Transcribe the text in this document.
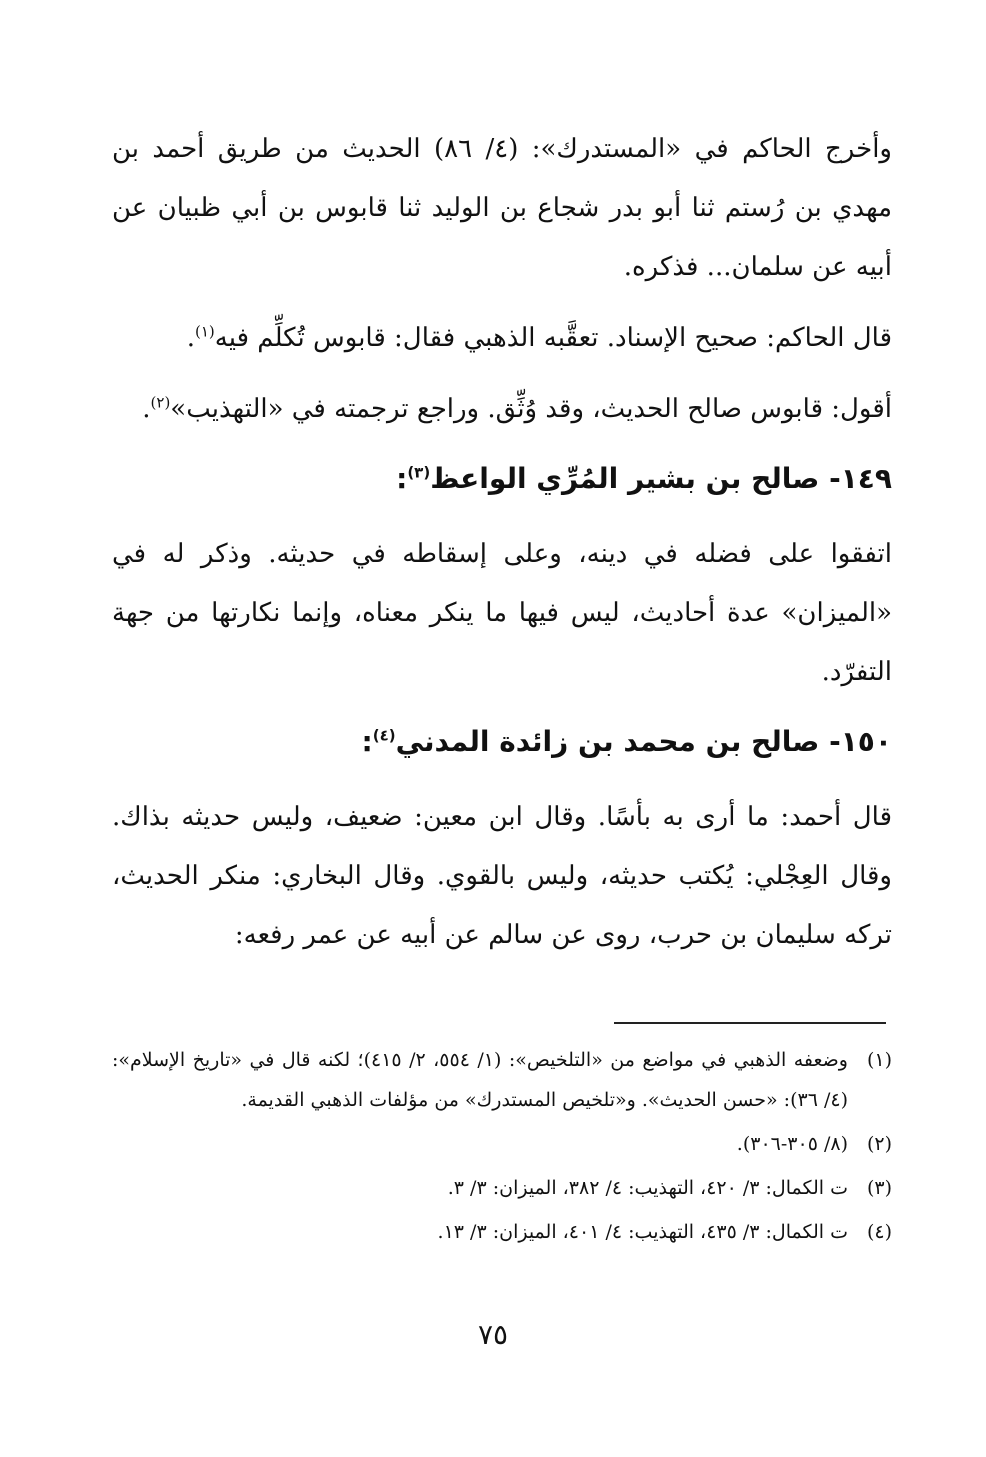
وأخرج الحاكم في «المستدرك»: (٤/ ٨٦) الحديث من طريق أحمد بن مهدي بن رُستم ثنا أبو بدر شجاع بن الوليد ثنا قابوس بن أبي ظبيان عن أبيه عن سلمان... فذكره.

قال الحاكم: صحيح الإسناد. تعقَّبه الذهبي فقال: قابوس تُكلِّم فيه$^{(١)}$.

أقول: قابوس صالح الحديث، وقد وُثِّق. وراجع ترجمته في «التهذيب»$^{(٢)}$.

١٤٩- صالح بن بشير المُرِّي الواعظ$^{(٣)}$:

اتفقوا على فضله في دينه، وعلى إسقاطه في حديثه. وذكر له في «الميزان» عدة أحاديث، ليس فيها ما ينكر معناه، وإنما نكارتها من جهة التفرّد.

١٥٠- صالح بن محمد بن زائدة المدني$^{(٤)}$:

قال أحمد: ما أرى به بأسًا. وقال ابن معين: ضعيف، وليس حديثه بذاك. وقال العِجْلي: يُكتب حديثه، وليس بالقوي. وقال البخاري: منكر الحديث، تركه سليمان بن حرب، روى عن سالم عن أبيه عن عمر رفعه:

(١)
وضعفه الذهبي في مواضع من «التلخيص»: (١/ ٥٥٤، ٢/ ٤١٥)؛ لكنه قال في «تاريخ الإسلام»: (٤/ ٣٦): «حسن الحديث». و«تلخيص المستدرك» من مؤلفات الذهبي القديمة.
(٢)
(٨/ ٣٠٥-٣٠٦).
(٣)
ت الكمال: ٣/ ٤٢٠، التهذيب: ٤/ ٣٨٢، الميزان: ٣/ ٣.
(٤)
ت الكمال: ٣/ ٤٣٥، التهذيب: ٤/ ٤٠١، الميزان: ٣/ ١٣.
٧٥
